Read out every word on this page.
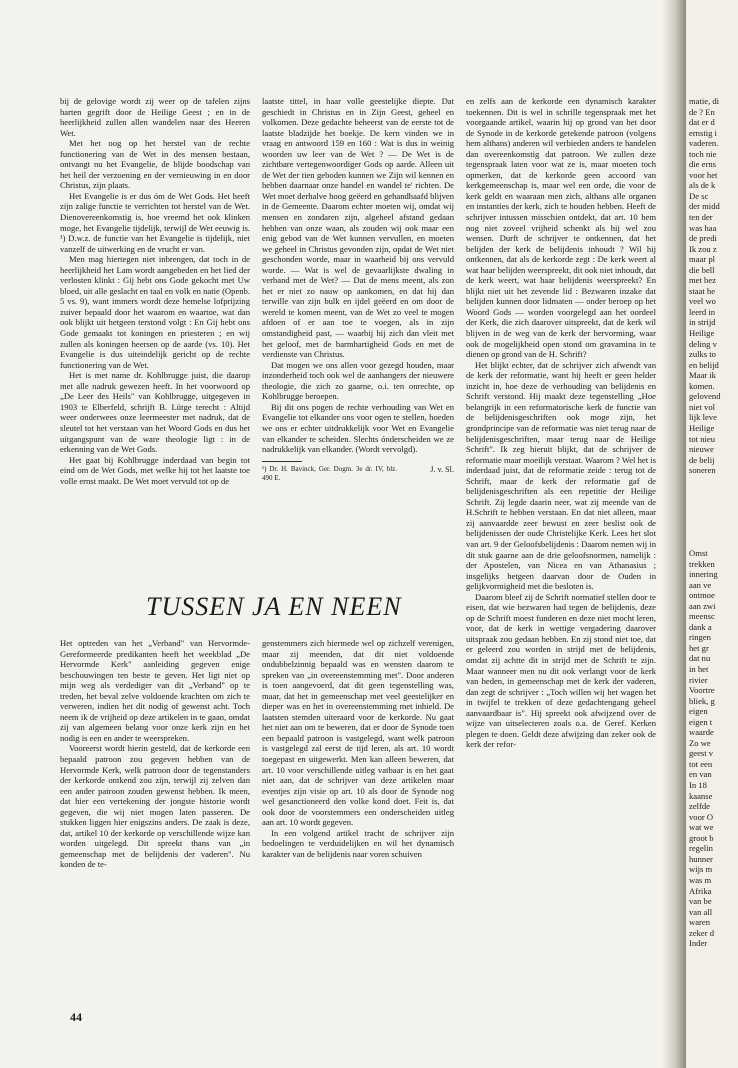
bij de gelovige wordt zij weer op de tafelen zijns harten gegrift door de Heilige Geest ; en in de heerlijkheid zullen allen wandelen naar des Heeren Wet.

Met het oog op het herstel van de rechte functionering van de Wet in des mensen bestaan, ontvangt nu het Evangelie, de blijde boodschap van het heil der verzoening en der vernieuwing in en door Christus, zijn plaats.

Het Evangelie is er dus óm de Wet Gods. Het heeft zijn zalige functie te verrichten tot herstel van de Wet. Dienovereenkomstig is, hoe vreemd het ook klinken moge, het Evangelie tijdelijk, terwijl de Wet eeuwig is. ¹) D.w.z. de functie van het Evangelie is tijdelijk, niet vanzelf de uitwerking en de vrucht er van.

Men mag hiertegen niet inbrengen, dat toch in de heerlijkheid het Lam wordt aangebeden en het lied der verlosten klinkt : Gij hebt ons Gode gekocht met Uw bloed, uit alle geslacht en taal en volk en natie (Openb. 5 vs. 9), want immers wordt deze hemelse lofprijzing zuiver bepaald door het waarom en waartoe, wat dan ook blijkt uit hetgeen terstond volgt : En Gij hebt ons Gode gemaakt tot koningen en priesteren ; en wij zullen als koningen heersen op de aarde (vs. 10). Het Evangelie is dus uiteindelijk gericht op de rechte functionering van de Wet.

Het is met name dr. Kohlbrugge juist, die daarop met alle nadruk gewezen heeft. In het voorwoord op „De Leer des Heils" van Kohlbrugge, uitgegeven in 1903 te Elberfeld, schrijft B. Lütge terecht : Altijd weer onderwees onze leermeester met nadruk, dat de sleutel tot het verstaan van het Woord Gods en dus het uitgangspunt van de ware theologie ligt : in de erkenning van de Wet Gods.

Het gaat bij Kohlbrugge inderdaad van begin tot eind om de Wet Gods, met welke hij tot het laatste toe volle ernst maakt. De Wet moet vervuld tot op de

laatste tittel, in haar volle geestelijke diepte. Dat geschiedt in Christus en in Zijn Geest, geheel en volkomen. Deze gedachte beheerst van de eerste tot de laatste bladzijde het boekje. De kern vinden we in vraag en antwoord 159 en 160 : Wat is dus in weinig woorden uw leer van de Wet ? — De Wet is de zichtbare vertegenwoordiger Gods op aarde. Alleen uit de Wet der tien geboden kunnen we Zijn wil kennen en hebben daarnaar onze handel en wandel te' richten. De Wet moet derhalve hoog geëerd en gehandhaafd blijven in de Gemeente. Daarom echter moeten wij, omdat wij mensen en zondaren zijn, algeheel afstand gedaan hebben van onze waan, als zouden wij ook maar een enig gebod van de Wet kunnen vervullen, en moeten we geheel in Christus gevonden zijn, opdat de Wet niet geschonden worde, maar in waarheid bij ons vervuld worde. — Wat is wel de gevaarlijkste dwaling in verband met de Wet? — Dat de mens meent, als zon het er niet zo nauw op aankomen, en dat hij dan terwille van zijn bulk en ijdel geëerd en om door de wereld te komen meent, van de Wet zo veel te mogen afdoen of er aan toe te voegen, als in zijn omstandigheid past, — waarbij hij zich dan vleit met het geloof, met de barmhartigheid Gods en met de verdienste van Christus.

Dat mogen we ons allen voor gezegd houden, maar inzonderheid toch ook wel de aanhangers der nieuwere theologie, die zich zo gaarne, o.i. ten onrechte, op Kohlbrugge beroepen.

Bij dit ons pogen de rechte verhouding van Wet en Evangelie tot elkander ons voor ogen te stellen, hoeden we ons er echter uitdrukkelijk voor Wet en Evangelie van elkander te scheiden. Slechts ónderscheiden we ze nadrukkelijk van elkander. (Wordt vervolgd).

¹) Dr. H. Bavinck, Ger. Dogm. 3e dr. IV, blz. 490 E.
J. v. Sl.
TUSSEN JA EN NEEN

Het optreden van het „Verband" van Hervormde-Gereformeerde predikanten heeft het weekblad „De Hervormde Kerk" aanleiding gegeven enige beschouwingen ten beste te geven. Het ligt niet op mijn weg als verdediger van dit „Verband" op te treden, het beval zelve voldoende krachten om zich te verweren, indien het dit nodig of gewenst acht. Toch neem ik de vrijheid op deze artikelen in te gaan, omdat zij van algemeen belang voor onze kerk zijn en het nodig is een en ander te weerspreken.

Vooreerst wordt hierin gesteld, dat de kerkorde een bepaald patroon zou gegeven hebben van de Hervormde Kerk, welk patroon door de tegenstanders der kerkorde ontkend zou zijn, terwijl zij zelven dan een ander patroon zouden gewenst hebben. Ik meen, dat hier een vertekening der jongste historie wordt gegeven, die wij niet mogen laten passeren. De stukken liggen hier enigszins anders. De zaak is deze, dat, artikel 10 der kerkorde op verschillende wijze kan worden uitgelegd. Dit spreekt thans van „in gemeenschap met de belijdenis der vaderen". Nu konden de te-

genstemmers zich hiermede wel op zichzelf verenigen, maar zij meenden, dat dit niet voldoende ondubbelzinnig bepaald was en wensten daarom te spreken van „in overeenstemming met". Door anderen is toen aangevoerd, dat dit geen tegenstelling was, maar, dat het in gemeenschap met veel geestelijker en dieper was en het in overeenstemming met inhield. De laatsten stemden uiteraard voor de kerkorde. Nu gaat het niet aan om te beweren, dat er door de Synode toen een bepaald patroon is vastgelegd, want welk patroon is vastgelegd zal eerst de tijd leren, als art. 10 wordt toegepast en uitgewerkt. Men kan alleen beweren, dat art. 10 voor verschillende uitleg vatbaar is en het gaat niet aan, dat de schrijver van deze artikelen maar eventjes zijn visie op art. 10 als door de Synode nog wel gesanctioneerd den volke kond doet. Feit is, dat ook door de voorstemmers een onderscheiden uitleg aan art. 10 wordt gegeven.

In een volgend artikel tracht de schrijver zijn bedoelingen te verduidelijken en wil het dynamisch karakter van de belijdenis naar voren schuiven

en zelfs aan de kerkorde een dynamisch karakter toekennen. Dit is wel in schrille tegenspraak met het voorgaande artikel, waarin hij op grond van het door de Synode in de kerkorde getekende patroon (volgens hem althans) anderen wil verbieden anders te handelen dan overeenkomstig dat patroon. We zullen deze tegenspraak laten voor wat ze is, maar moeten toch opmerken, dat de kerkorde geen accoord van kerkgemeenschap is, maar wel een orde, die voor de kerk geldt en waaraan men zich, althans alle organen en instanties der kerk, zich te houden hebben. Heeft de schrijver intussen misschien ontdekt, dat art. 10 hem nog niet zoveel vrijheid schenkt als hij wel zou wensen. Durft de schrijver te ontkennen, dat het belijden der kerk de belijdenis inhoudt ? Wil hij ontkennen, dat als de kerkorde zegt : De kerk weert al wat haar belijden weerspreekt, dit ook niet inhoudt, dat de kerk weert, wat haar belijdenis weerspreekt? En blijkt niet uit het zevende lid : Bezwaren inzake dat belijden kunnen door lidmaten — onder beroep op het Woord Gods — worden voorgelegd aan het oordeel der Kerk, die zich daarover uitspreekt, dat de kerk wil blijven in de weg van de kerk der hervorming, waar ook de mogelijkheid open stond om gravamina in te dienen op grond van de H. Schrift?

Het blijkt echter, dat de schrijver zich afwendt van de kerk der reformatie, want hij heeft er geen helder inzicht in, hoe deze de verhouding van belijdenis en Schrift verstond. Hij maakt deze tegenstelling „Hoe belangrijk in een reformatorische kerk de functie van de belijdenisgeschriften ook moge zijn, het grondprincipe van de reformatie was niet terug naar de belijdenisgeschriften, maar terug naar de Heilige Schrift". Ik zeg hieruit blijkt, dat de schrijver de reformatie maar moeilijk verstaat. Waarom ? Wel het is inderdaad juist, dat de reformatie zeide : terug tot de Schrift, maar de kerk der reformatie gaf de belijdenisgeschriften als een repetitie der Heilige Schrift. Zij legde daarin neer, wat zij meende van de H.Schrift te hebben verstaan. En dat niet alleen, maar zij aanvaardde zeer bewust en zeer beslist ook de belijdenissen der oude Christelijke Kerk. Lees het slot van art. 9 der Geloofsbelijdenis : Daarom nemen wij in dit stuk gaarne aan de drie geloofsnormen, namelijk : der Apostelen, van Nicea en van Athanasius ; insgelijks hetgeen daarvan door de Ouden in gelijkvormigheid met die besloten is.

Daarom bleef zij de Schrift normatief stellen door te eisen, dat wie bezwaren had tegen de belijdenis, deze op de Schrift moest funderen en deze niet mocht leren, voor, dat de kerk in wettige vergadering daarover uitspraak zou gedaan hebben. En zij stond niet toe, dat er geleerd zou worden in strijd met de belijdenis, omdat zij achtte dit in strijd met de Schrift te zijn. Maar wanneer men nu dit ook verlangt voor de kerk van heden, in gemeenschap met de kerk der vaderen, dan zegt de schrijver : „Toch willen wij het wagen het in twijfel te trekken of deze gedachtengang geheel aanvaardbaar is". Hij spreekt ook afwijzend over de wijze van uitselecteren zoals o.a. de Geref. Kerken plegen te doen. Geldt deze afwijzing dan zeker ook de kerk der refor-

44
matie, di
de ? En
dat er d
ernstig i
vaderen.
toch nie
die erns
voor het
als de k
De sc
der midd
ten der
was haa
de predi
Ik zou z
maar pl
die bell
met bez
staat he
veel wo
leerd in
in strijd
Heilige
deling v
zulks to
en belijd
Maar ik
komen.
gelovend
niet vol
lijk leve
Heilige
tot nieu
nieuwe
de belij
soneren
Omst
trekken
innering
aan ve
ontmoe
aan zwi
meensc
dank a
ringen
het gr
dat nu
in het
rivier
Voortre
bliek, g
eigen
eigen t
waarde
Zo we
geest v
tot een
en van
In 18
kaanse
zelfde
voor O
wat we
groot b
regelin
hunner
wijs m
was m
Afrika
van be
van all
waren
zeker d
Inder
